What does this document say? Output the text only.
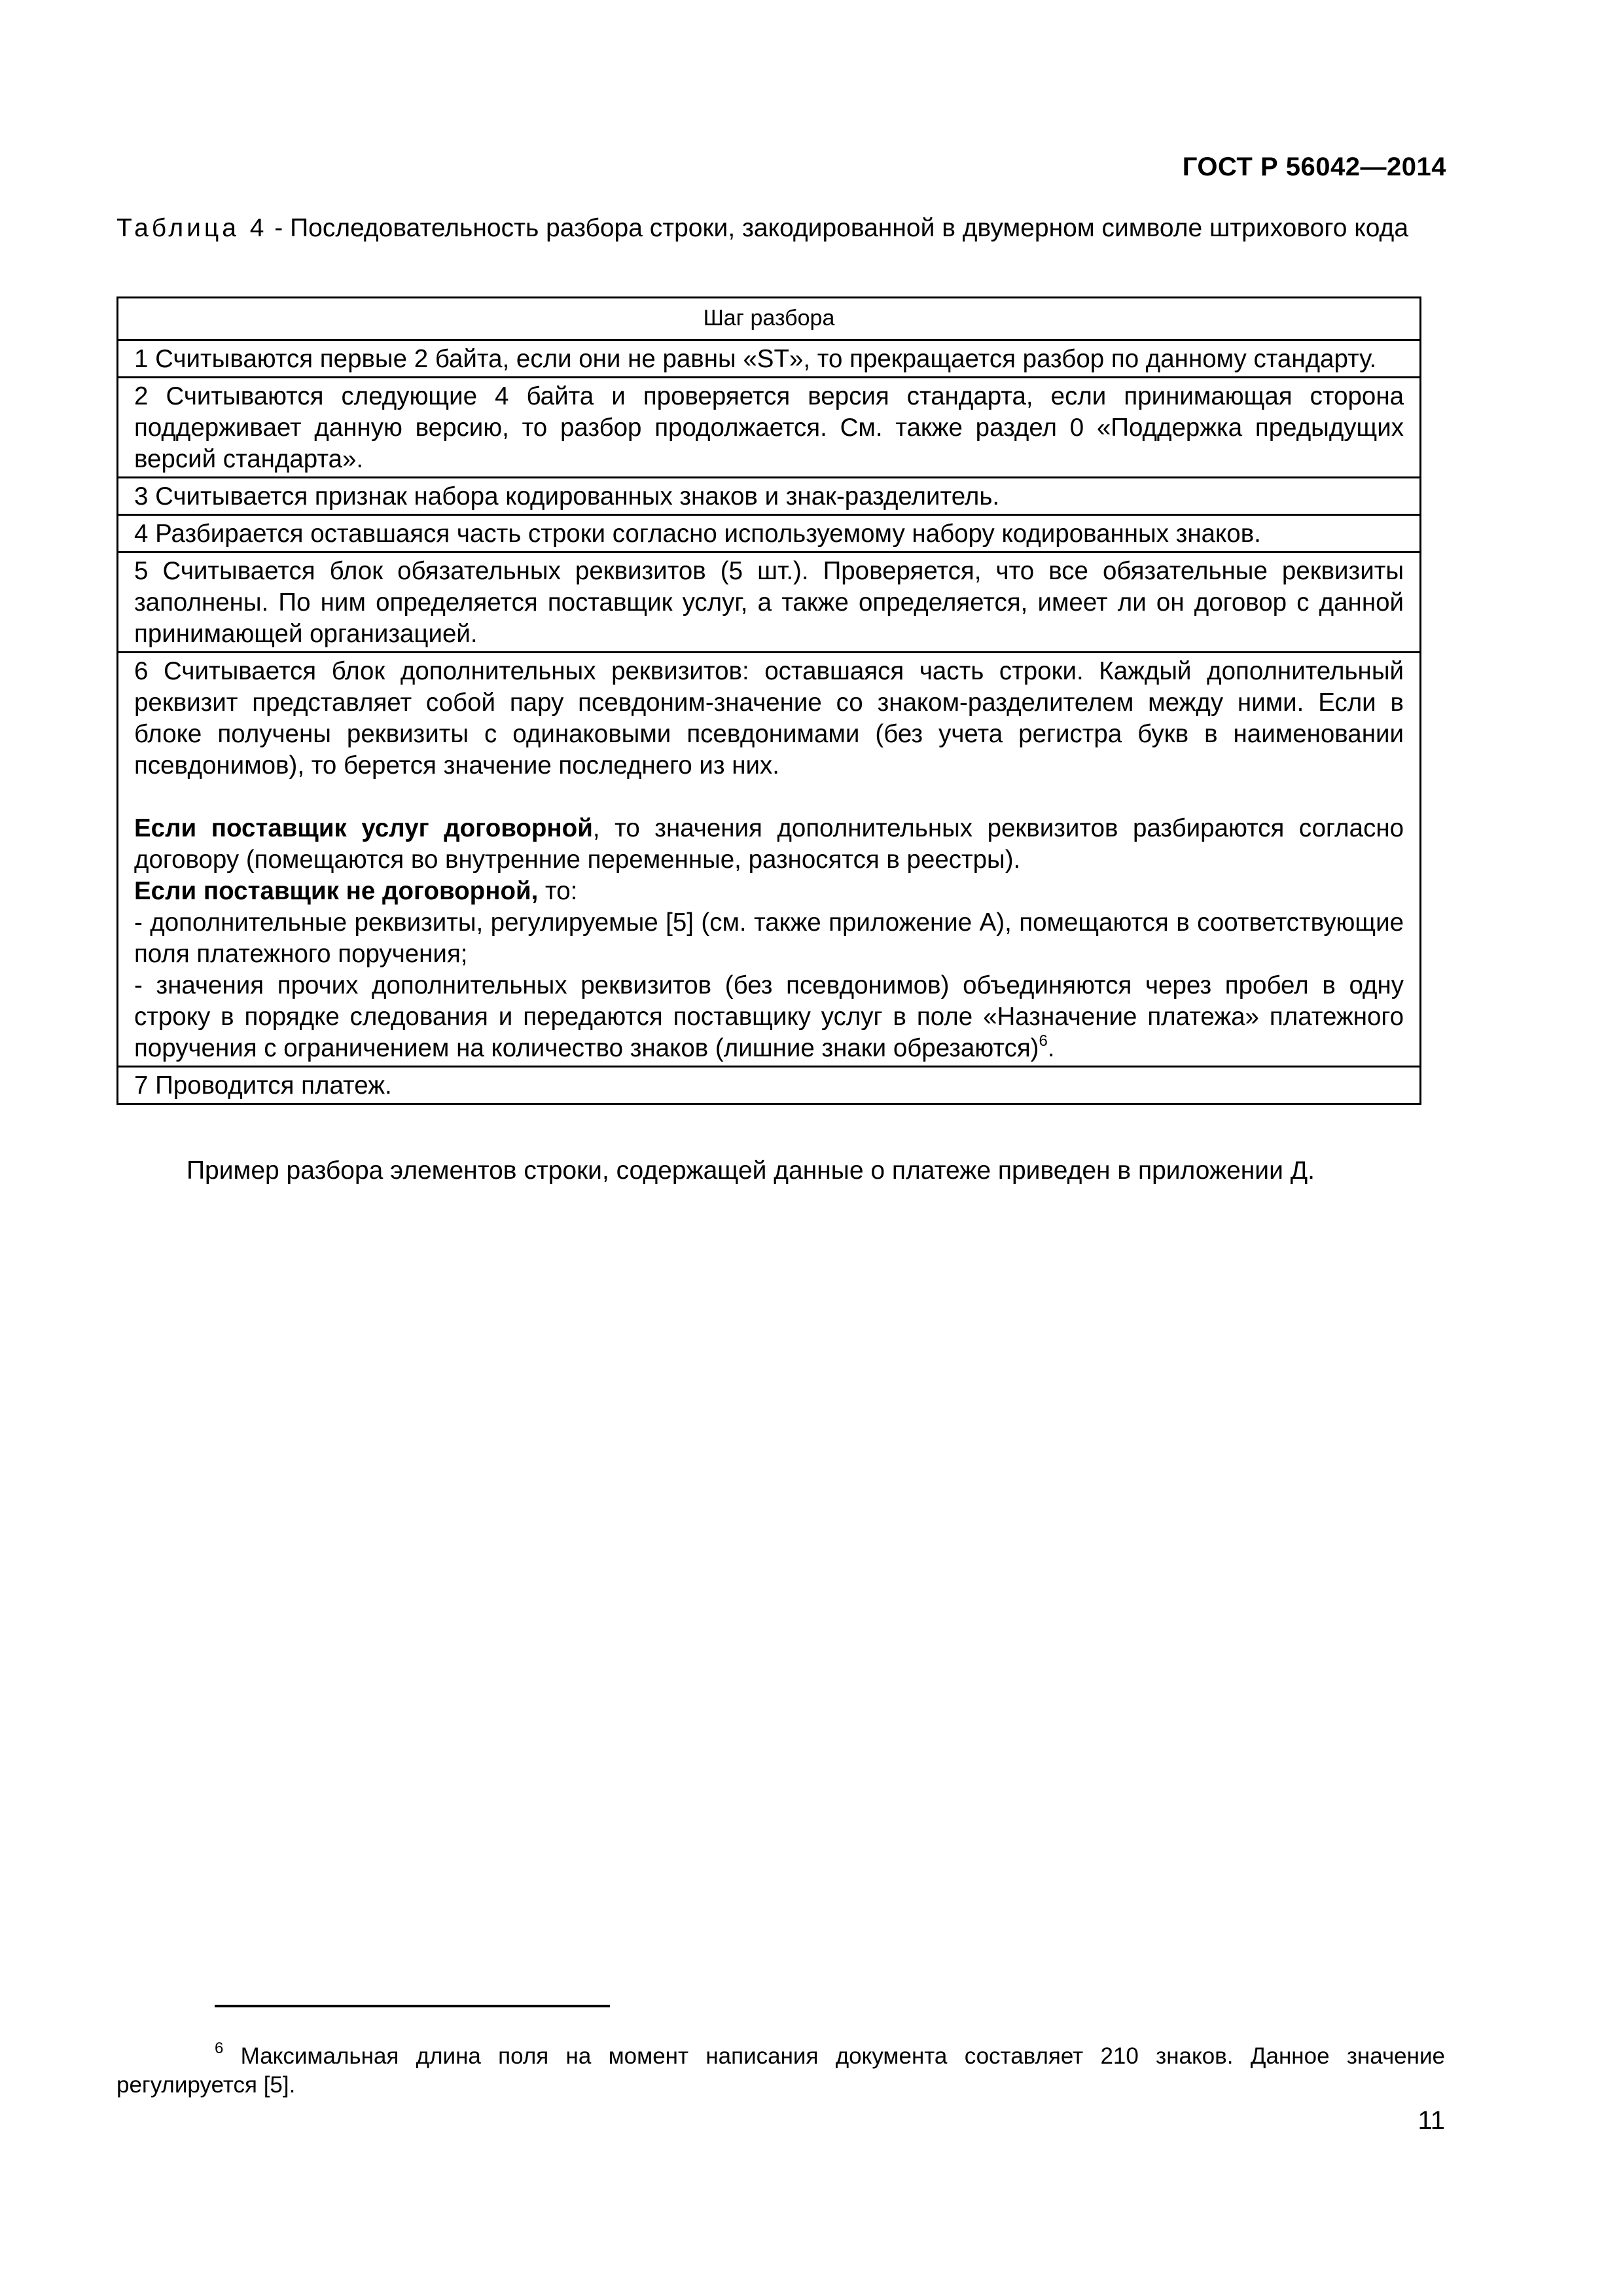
ГОСТ Р 56042—2014
Таблица 4 - Последовательность разбора строки, закодированной в двумерном символе штрихового кода
Шаг разбора
1 Считываются первые 2 байта, если они не равны «ST», то прекращается разбор по данному стандарту.
2 Считываются следующие 4 байта и проверяется версия стандарта, если принимающая сторона поддерживает данную версию, то разбор продолжается. См. также раздел 0 «Поддержка предыдущих версий стандарта».
3 Считывается признак набора кодированных знаков и знак-разделитель.
4 Разбирается оставшаяся часть строки согласно используемому набору кодированных знаков.
5 Считывается блок обязательных реквизитов (5 шт.). Проверяется, что все обязательные реквизиты заполнены. По ним определяется поставщик услуг, а также определяется, имеет ли он договор с данной принимающей организацией.

6 Считывается блок дополнительных реквизитов: оставшаяся часть строки. Каждый дополнительный реквизит представляет собой пару псевдоним-значение со знаком-разделителем между ними. Если в блоке получены реквизиты с одинаковыми псевдонимами (без учета регистра букв в наименовании псевдонимов), то берется значение последнего из них.
Если поставщик услуг договорной, то значения дополнительных реквизитов разбираются согласно договору (помещаются во внутренние переменные, разносятся в реестры).
Если поставщик не договорной, то:
- дополнительные реквизиты, регулируемые [5] (см. также приложение А), помещаются в соответствующие поля платежного поручения;
- значения прочих дополнительных реквизитов (без псевдонимов) объединяются через пробел в одну строку в порядке следования и передаются поставщику услуг в поле «Назначение платежа» платежного поручения с ограничением на количество знаков (лишние знаки обрезаются)$^6$.

7 Проводится платеж.
Пример разбора элементов строки, содержащей данные о платеже приведен в приложении Д.
$^6$ Максимальная длина поля на момент написания документа составляет 210 знаков. Данное значение регулируется [5].
11
